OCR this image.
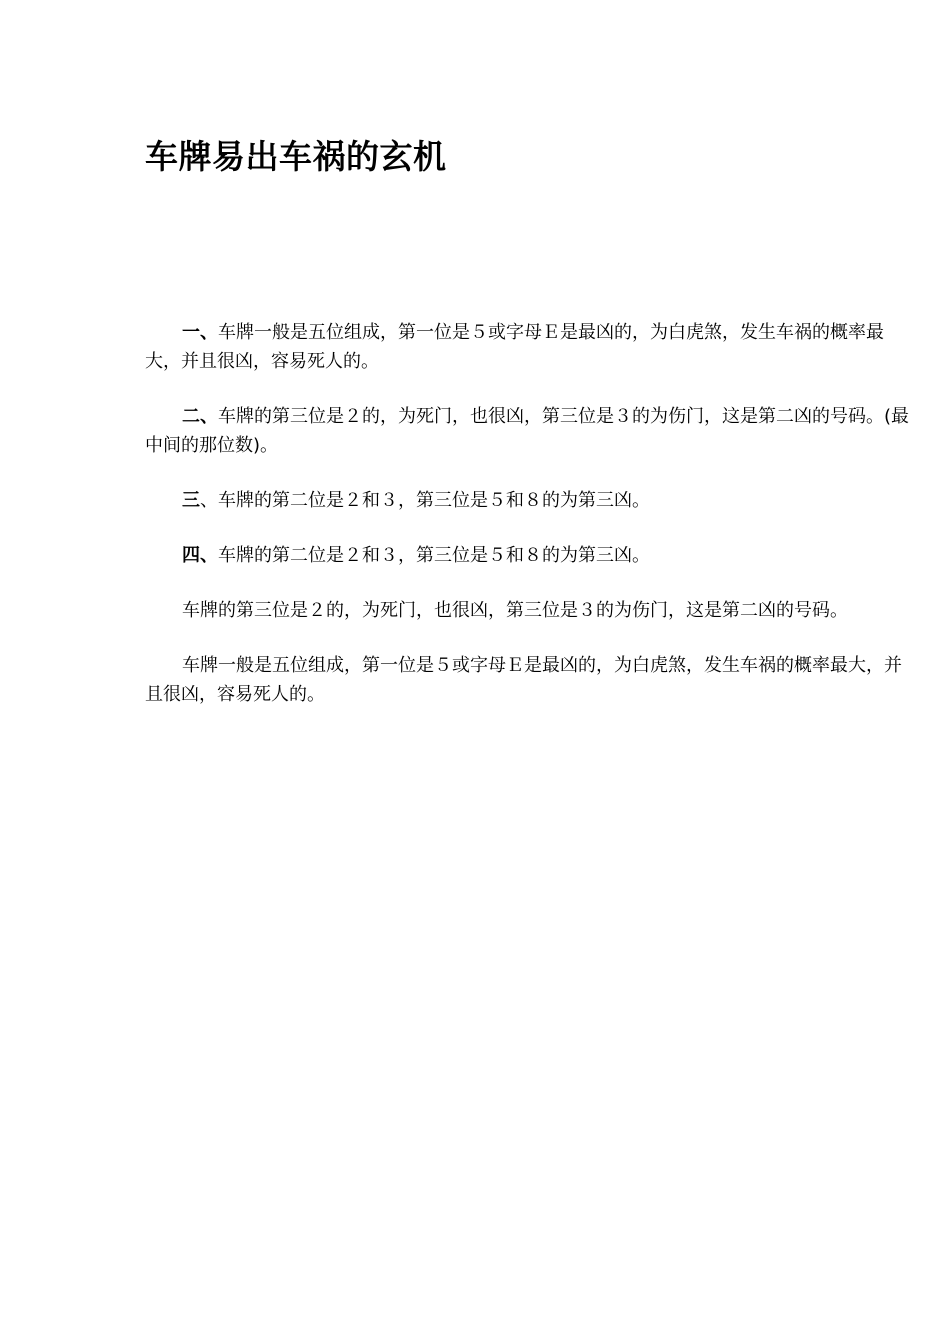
车牌易出车祸的玄机

一、车牌一般是五位组成，第一位是５或字母Ｅ是最凶的，为白虎煞，发生车祸的概率最大，并且很凶，容易死人的。

二、车牌的第三位是２的，为死门，也很凶，第三位是３的为伤门，这是第二凶的号码。(最中间的那位数)。

三、车牌的第二位是２和３，第三位是５和８的为第三凶。

四、车牌的第二位是２和３，第三位是５和８的为第三凶。

车牌的第三位是２的，为死门，也很凶，第三位是３的为伤门，这是第二凶的号码。

车牌一般是五位组成，第一位是５或字母Ｅ是最凶的，为白虎煞，发生车祸的概率最大，并且很凶，容易死人的。
